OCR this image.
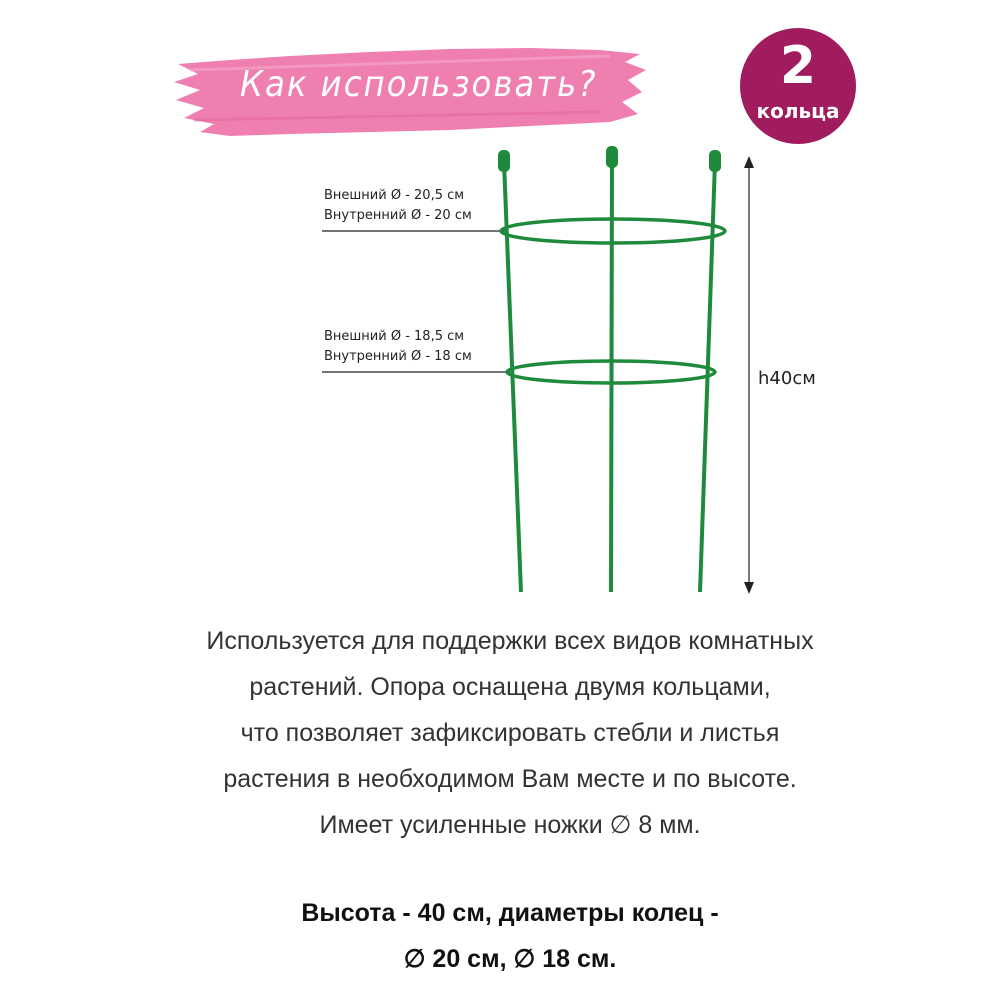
Как использовать?	2
кольца
Внешний Ø - 20,5 см
Внутренний Ø - 20 см
Внешний Ø - 18,5 см
Внутренний Ø - 18 см
h40см
Используется для поддержки всех видов комнатных
растений. Опора оснащена двумя кольцами,
что позволяет зафиксировать стебли и листья
растения в необходимом Вам месте и по высоте.
Имеет усиленные ножки ∅ 8 мм.
Высота - 40 см, диаметры колец -
∅ 20 см, ∅ 18 см.
